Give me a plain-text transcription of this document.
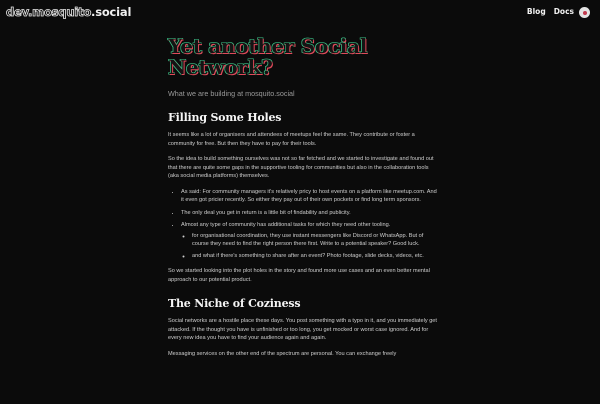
dev.mosquito.social	Blog Docs
Yet another Social Network?
What we are building at mosquito.social
Filling Some Holes

It seems like a lot of organisers and attendees of meetups feel the same. They contribute or foster a community for free. But then they have to pay for their tools.

So the idea to build something ourselves was not so far fetched and we started to investigate and found out that there are quite some gaps in the supportive tooling for communities but also in the collaboration tools (aka social media platforms) themselves.

• As said: For community managers it's relatively pricy to host events on a platform like meetup.com. And it even got pricier recently. So either they pay out of their own pockets or find long term sponsors.
• The only deal you get in return is a little bit of findability and publicity.
• Almost any type of community has additional tasks for which they need other tooling.
◦ for organisational coordination, they use instant messengers like Discord or WhatsApp. But of course they need to find the right person there first. Write to a potential speaker? Good luck.
◦ and what if there's something to share after an event? Photo footage, slide decks, videos, etc.

So we started looking into the plot holes in the story and found more use cases and an even better mental approach to our potential product.

The Niche of Coziness

Social networks are a hostile place these days. You post something with a typo in it, and you immediately get attacked. If the thought you have is unfinished or too long, you get mocked or worst case ignored. And for every new idea you have to find your audience again and again.

Messaging services on the other end of the spectrum are personal. You can exchange freely
